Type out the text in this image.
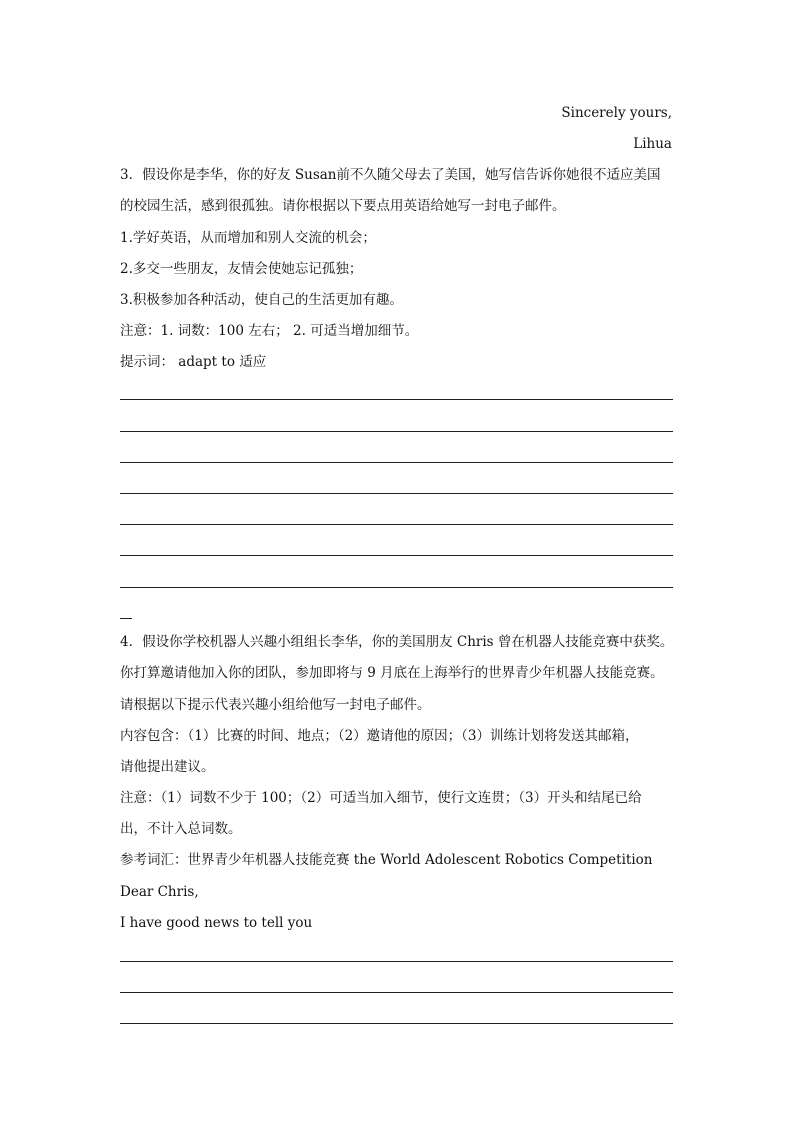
Sincerely yours,
Lihua
3．假设你是李华，你的好友 Susan前不久随父母去了美国，她写信告诉你她很不适应美国
的校园生活，感到很孤独。请你根据以下要点用英语给她写一封电子邮件。
1.学好英语，从而增加和别人交流的机会；
2.多交一些朋友，友情会使她忘记孤独；
3.积极参加各种活动，使自己的生活更加有趣。
注意：1. 词数：100 左右； 2. 可适当增加细节。
提示词： adapt to 适应
4．假设你学校机器人兴趣小组组长李华，你的美国朋友 Chris 曾在机器人技能竞赛中获奖。
你打算邀请他加入你的团队，参加即将与 9 月底在上海举行的世界青少年机器人技能竞赛。
请根据以下提示代表兴趣小组给他写一封电子邮件。
内容包含：（1）比赛的时间、地点；（2）邀请他的原因；（3）训练计划将发送其邮箱，
请他提出建议。
注意：（1）词数不少于 100；（2）可适当加入细节，使行文连贯；（3）开头和结尾已给
出，不计入总词数。
参考词汇：世界青少年机器人技能竞赛 the World Adolescent Robotics Competition
Dear Chris,
I have good news to tell you
